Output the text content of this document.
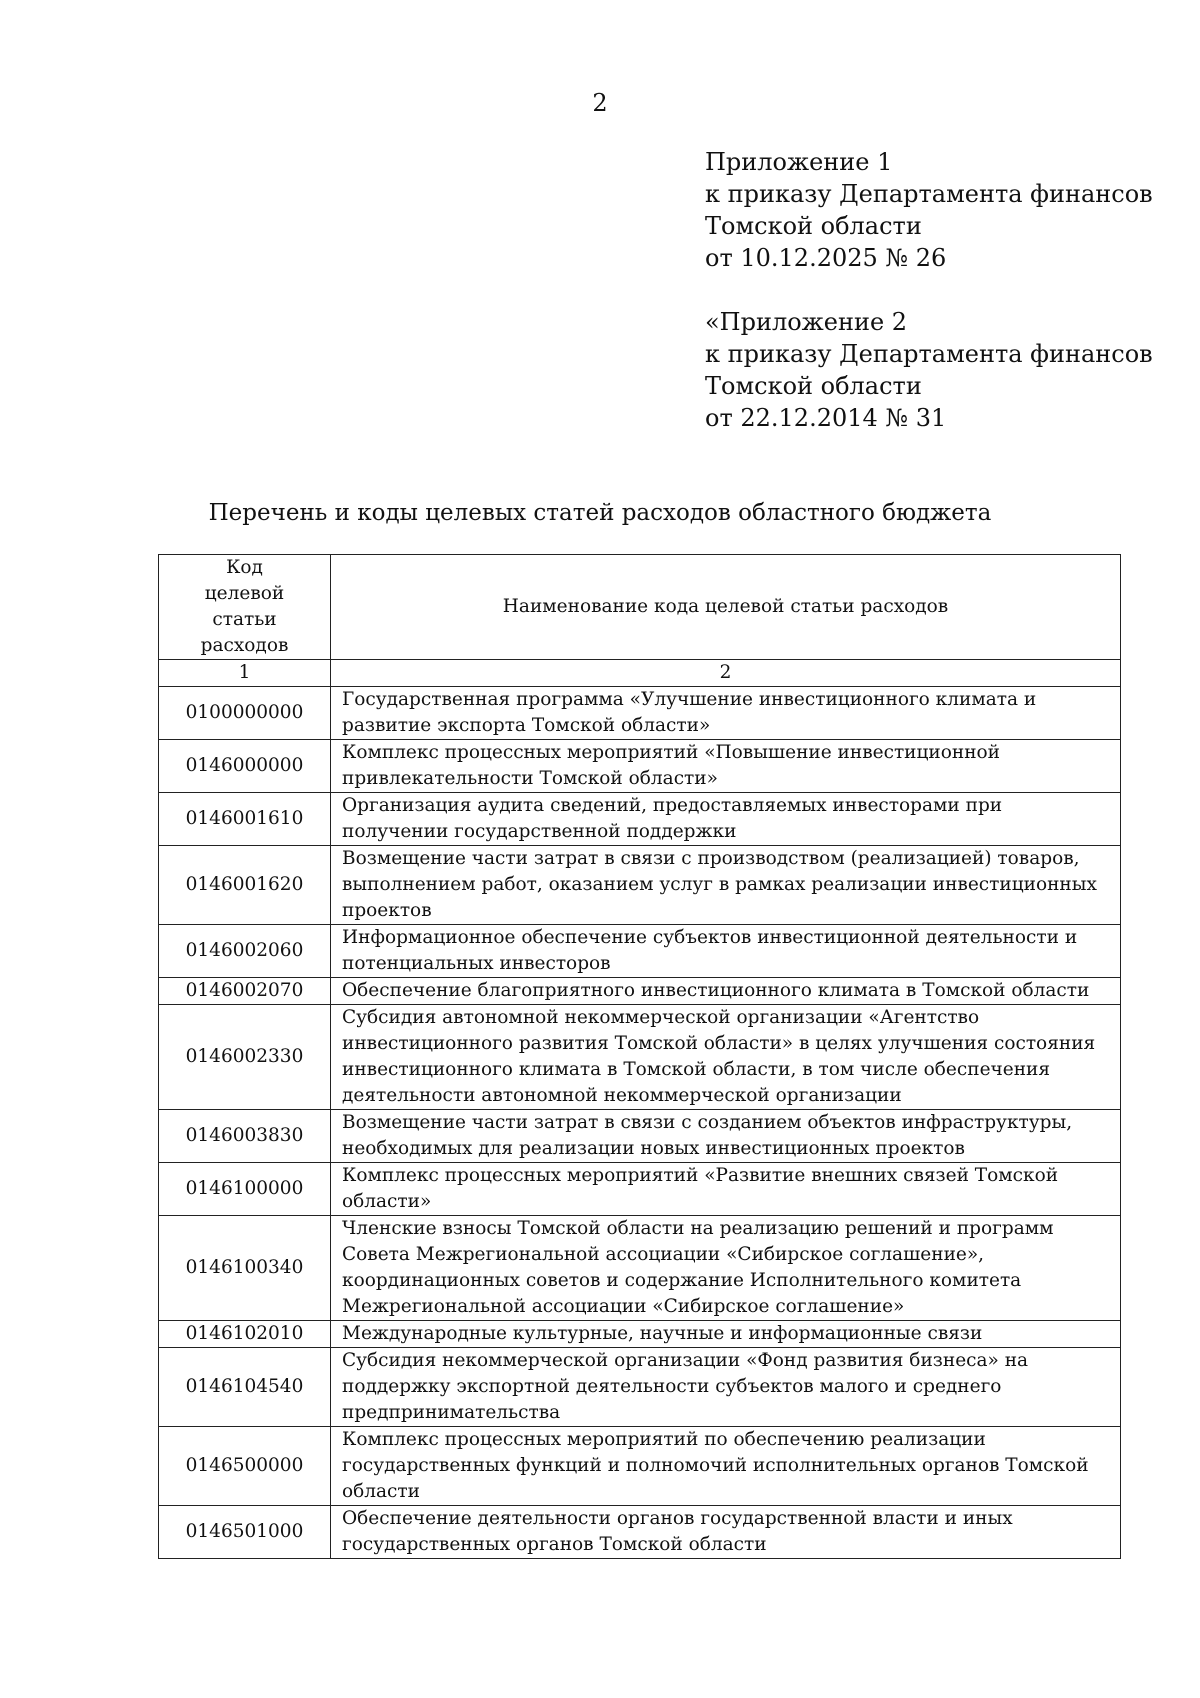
2
Приложение 1
к приказу Департамента финансов
Томской области
от 10.12.2025 № 26
«Приложение 2
к приказу Департамента финансов
Томской области
от 22.12.2014 № 31
Перечень и коды целевых статей расходов областного бюджета
Код целевой статьи расходов	Наименование кода целевой статьи расходов
1	2
0100000000	Государственная программа «Улучшение инвестиционного климата и развитие экспорта Томской области»
0146000000	Комплекс процессных мероприятий «Повышение инвестиционной привлекательности Томской области»
0146001610	Организация аудита сведений, предоставляемых инвесторами при получении государственной поддержки
0146001620	Возмещение части затрат в связи с производством (реализацией) товаров, выполнением работ, оказанием услуг в рамках реализации инвестиционных проектов
0146002060	Информационное обеспечение субъектов инвестиционной деятельности и потенциальных инвесторов
0146002070	Обеспечение благоприятного инвестиционного климата в Томской области
0146002330	Субсидия автономной некоммерческой организации «Агентство инвестиционного развития Томской области» в целях улучшения состояния инвестиционного климата в Томской области, в том числе обеспечения деятельности автономной некоммерческой организации
0146003830	Возмещение части затрат в связи с созданием объектов инфраструктуры, необходимых для реализации новых инвестиционных проектов
0146100000	Комплекс процессных мероприятий «Развитие внешних связей Томской области»
0146100340	Членские взносы Томской области на реализацию решений и программ Совета Межрегиональной ассоциации «Сибирское соглашение», координационных советов и содержание Исполнительного комитета Межрегиональной ассоциации «Сибирское соглашение»
0146102010	Международные культурные, научные и информационные связи
0146104540	Субсидия некоммерческой организации «Фонд развития бизнеса» на поддержку экспортной деятельности субъектов малого и среднего предпринимательства
0146500000	Комплекс процессных мероприятий по обеспечению реализации государственных функций и полномочий исполнительных органов Томской области
0146501000	Обеспечение деятельности органов государственной власти и иных государственных органов Томской области
